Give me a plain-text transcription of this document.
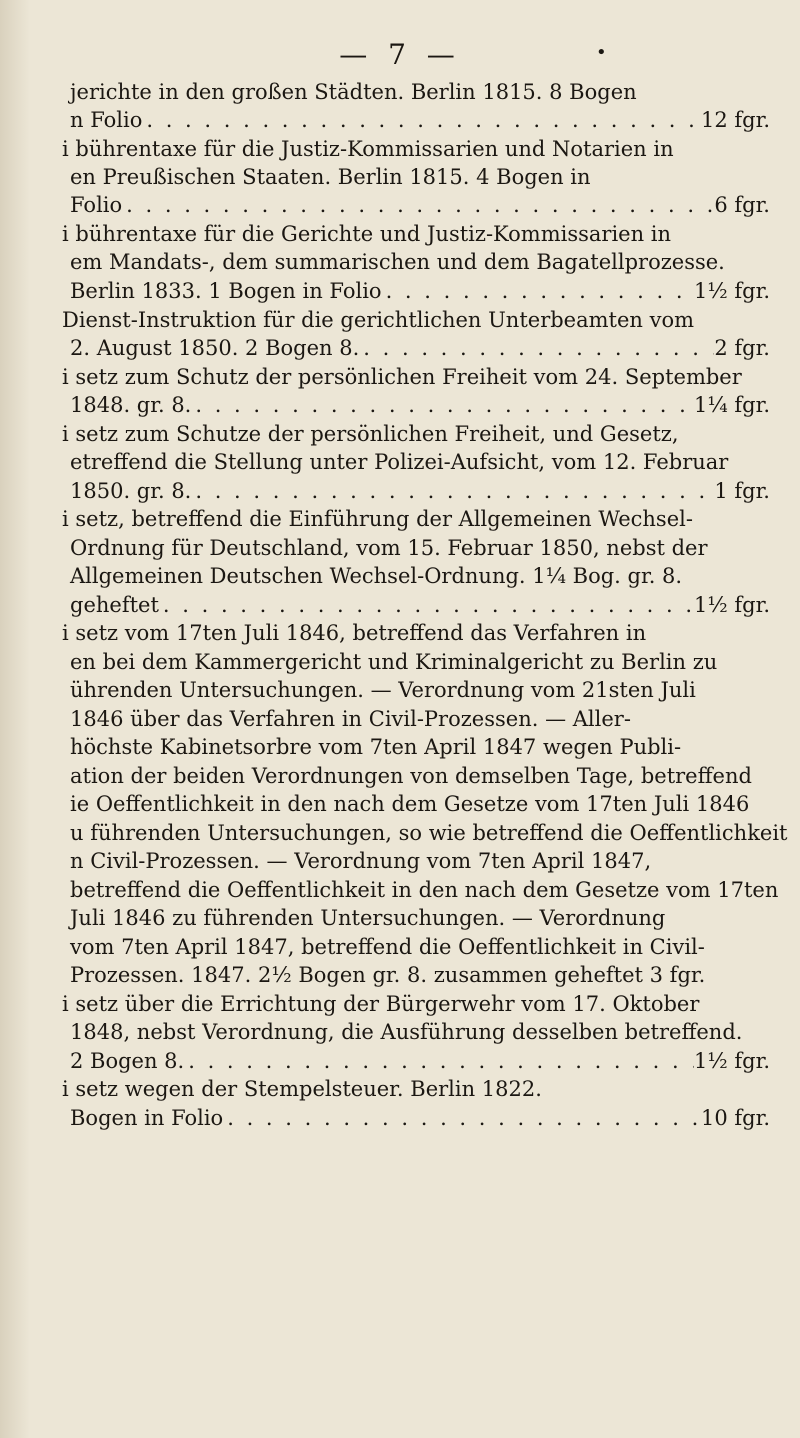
— 7 —	•
jerichte in den großen Städten. Berlin 1815. 8 Bogen
n Folio . . .	12 fgr.
i bührentaxe für die Justiz-Kommissarien und Notarien in
en Preußischen Staaten. Berlin 1815. 4 Bogen in
Folio . . .	6 fgr.
i bührentaxe für die Gerichte und Justiz-Kommissarien in
em Mandats-, dem summarischen und dem Bagatellprozesse.
Berlin 1833. 1 Bogen in Folio . . .	1½ fgr.
Dienst-Instruktion für die gerichtlichen Unterbeamten vom
2. August 1850. 2 Bogen 8. . . .	2 fgr.
i setz zum Schutz der persönlichen Freiheit vom 24. September
1848. gr. 8. . . .	1¼ fgr.
i setz zum Schutze der persönlichen Freiheit, und Gesetz,
etreffend die Stellung unter Polizei-Aufsicht, vom 12. Februar
1850. gr. 8. . . .	1 fgr.
i setz, betreffend die Einführung der Allgemeinen Wechsel-
Ordnung für Deutschland, vom 15. Februar 1850, nebst der
Allgemeinen Deutschen Wechsel-Ordnung. 1¼ Bog. gr. 8.
geheftet . . .	1½ fgr.
i setz vom 17ten Juli 1846, betreffend das Verfahren in
en bei dem Kammergericht und Kriminalgericht zu Berlin zu
ührenden Untersuchungen. — Verordnung vom 21sten Juli
1846 über das Verfahren in Civil-Prozessen. — Aller-
höchste Kabinetsorbre vom 7ten April 1847 wegen Publi-
ation der beiden Verordnungen von demselben Tage, betreffend
ie Oeffentlichkeit in den nach dem Gesetze vom 17ten Juli 1846
u führenden Untersuchungen, so wie betreffend die Oeffentlichkeit
n Civil-Prozessen. — Verordnung vom 7ten April 1847,
betreffend die Oeffentlichkeit in den nach dem Gesetze vom 17ten
Juli 1846 zu führenden Untersuchungen. — Verordnung
vom 7ten April 1847, betreffend die Oeffentlichkeit in Civil-
Prozessen. 1847. 2½ Bogen gr. 8. zusammen geheftet 3 fgr.
i setz über die Errichtung der Bürgerwehr vom 17. Oktober
1848, nebst Verordnung, die Ausführung desselben betreffend.
2 Bogen 8. . . .	1½ fgr.
i setz wegen der Stempelsteuer. Berlin 1822.
Bogen in Folio . . .	10 fgr.
